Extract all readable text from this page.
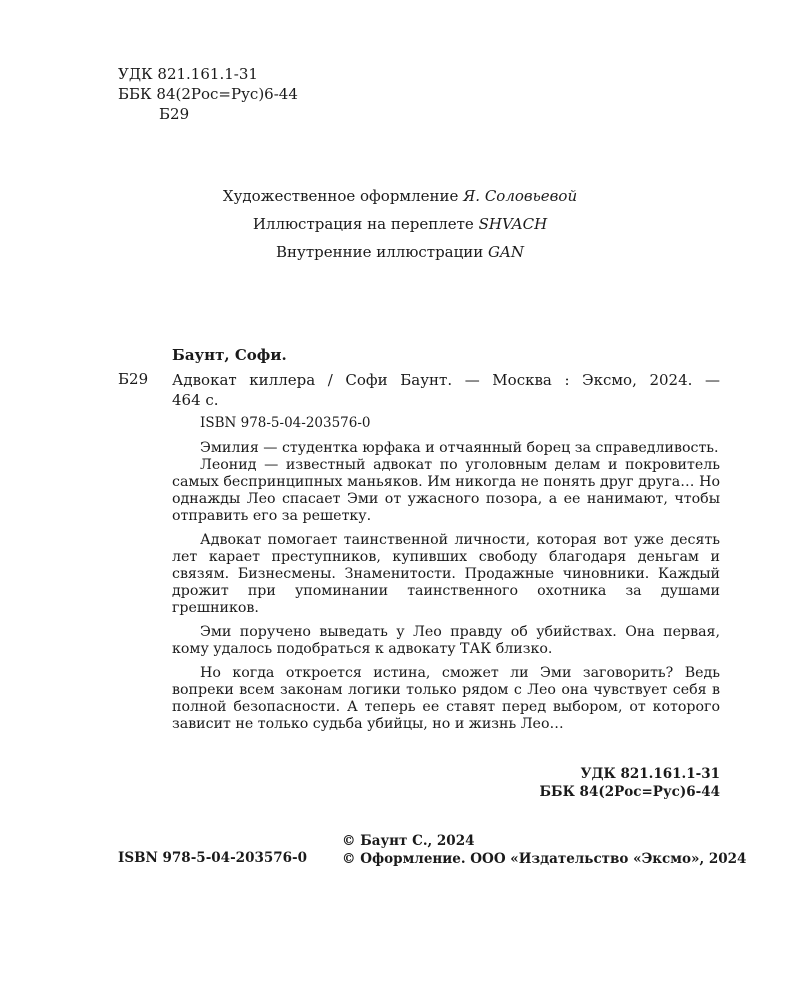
УДК 821.161.1-31
ББК 84(2Рос=Рус)6-44
Б29
Художественное оформление Я. Соловьевой
Иллюстрация на переплете SHVACH
Внутренние иллюстрации GAN
Баунт, Софи.
Б29 Адвокат киллера / Софи Баунт. — Москва : Эксмо, 2024. —
464 с.
ISBN 978-5-04-203576-0

Эмилия — студентка юрфака и отчаянный борец за справедливость.

Леонид — известный адвокат по уголовным делам и покровитель самых беспринципных маньяков. Им никогда не понять друг друга… Но однажды Лео спасает Эми от ужасного позора, а ее нанимают, чтобы отправить его за решетку.

Адвокат помогает таинственной личности, которая вот уже десять лет карает преступников, купивших свободу благодаря деньгам и связям. Бизнесмены. Знаменитости. Продажные чиновники. Каждый дрожит при упоминании таинственного охотника за душами грешников.

Эми поручено выведать у Лео правду об убийствах. Она первая, кому удалось подобраться к адвокату ТАК близко.

Но когда откроется истина, сможет ли Эми заговорить? Ведь вопреки всем законам логики только рядом с Лео она чувствует себя в полной безопасности. А теперь ее ставят перед выбором, от которого зависит не только судьба убийцы, но и жизнь Лео…

УДК 821.161.1-31
ББК 84(2Рос=Рус)6-44
© Баунт С., 2024
© Оформление. ООО «Издательство «Эксмо», 2024
ISBN 978-5-04-203576-0
